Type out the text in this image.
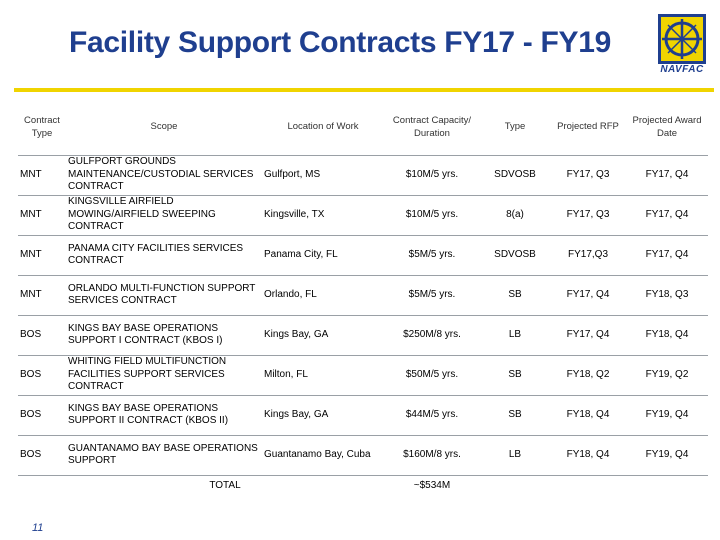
Facility Support Contracts FY17 - FY19
NAVFAC
Contract Type	Scope	Location of Work	Contract Capacity/ Duration	Type	Projected RFP	Projected Award Date
MNT	GULFPORT GROUNDS MAINTENANCE/CUSTODIAL SERVICES CONTRACT	Gulfport, MS	$10M/5 yrs.	SDVOSB	FY17, Q3	FY17, Q4
MNT	KINGSVILLE AIRFIELD MOWING/AIRFIELD SWEEPING CONTRACT	Kingsville, TX	$10M/5 yrs.	8(a)	FY17, Q3	FY17, Q4
MNT	PANAMA CITY FACILITIES SERVICES CONTRACT	Panama City, FL	$5M/5 yrs.	SDVOSB	FY17,Q3	FY17, Q4
MNT	ORLANDO MULTI-FUNCTION SUPPORT SERVICES CONTRACT	Orlando, FL	$5M/5 yrs.	SB	FY17, Q4	FY18, Q3
BOS	KINGS BAY BASE OPERATIONS SUPPORT I CONTRACT (KBOS I)	Kings Bay, GA	$250M/8 yrs.	LB	FY17, Q4	FY18, Q4
BOS	WHITING FIELD MULTIFUNCTION FACILITIES SUPPORT SERVICES CONTRACT	Milton, FL	$50M/5 yrs.	SB	FY18, Q2	FY19, Q2
BOS	KINGS BAY BASE OPERATIONS SUPPORT II CONTRACT (KBOS II)	Kings Bay, GA	$44M/5 yrs.	SB	FY18, Q4	FY19, Q4
BOS	GUANTANAMO BAY BASE OPERATIONS SUPPORT	Guantanamo Bay, Cuba	$160M/8 yrs.	LB	FY18, Q4	FY19, Q4
	TOTAL		~$534M			
11
